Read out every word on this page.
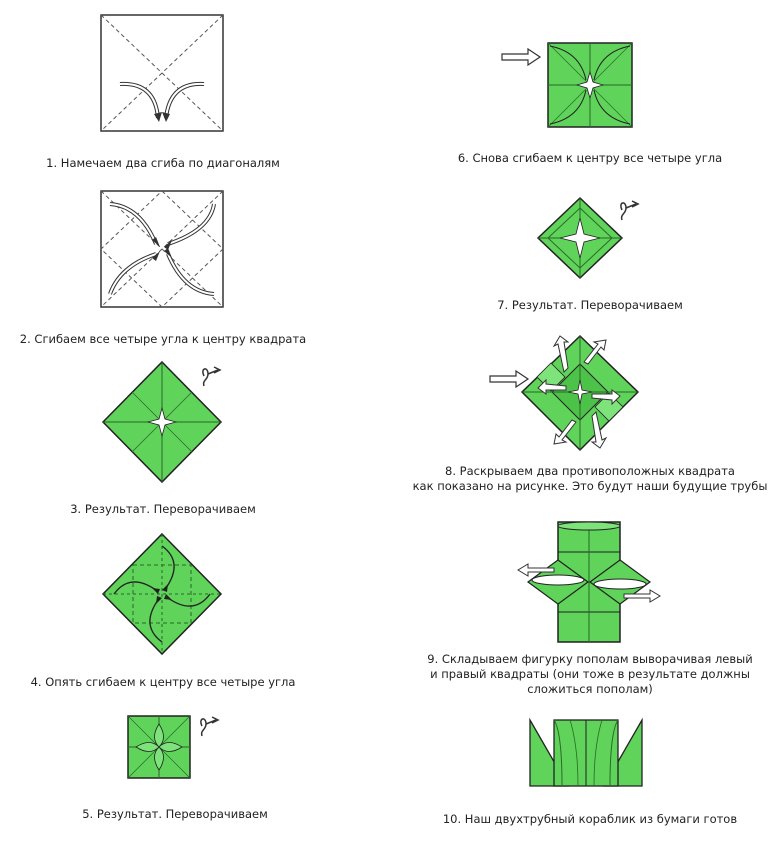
1. Намечаем два сгиба по диагоналям
2. Сгибаем все четыре угла к центру квадрата
3. Результат. Переворачиваем
4. Опять сгибаем к центру все четыре угла
5. Результат. Переворачиваем
6. Снова сгибаем к центру все четыре угла
7. Результат. Переворачиваем
8. Раскрываем два противоположных квадрата
как показано на рисунке. Это будут наши будущие трубы
9. Складываем фигурку пополам выворачивая левый
и правый квадраты (они тоже в результате должны
сложиться пополам)
10. Наш двухтрубный кораблик из бумаги готов
